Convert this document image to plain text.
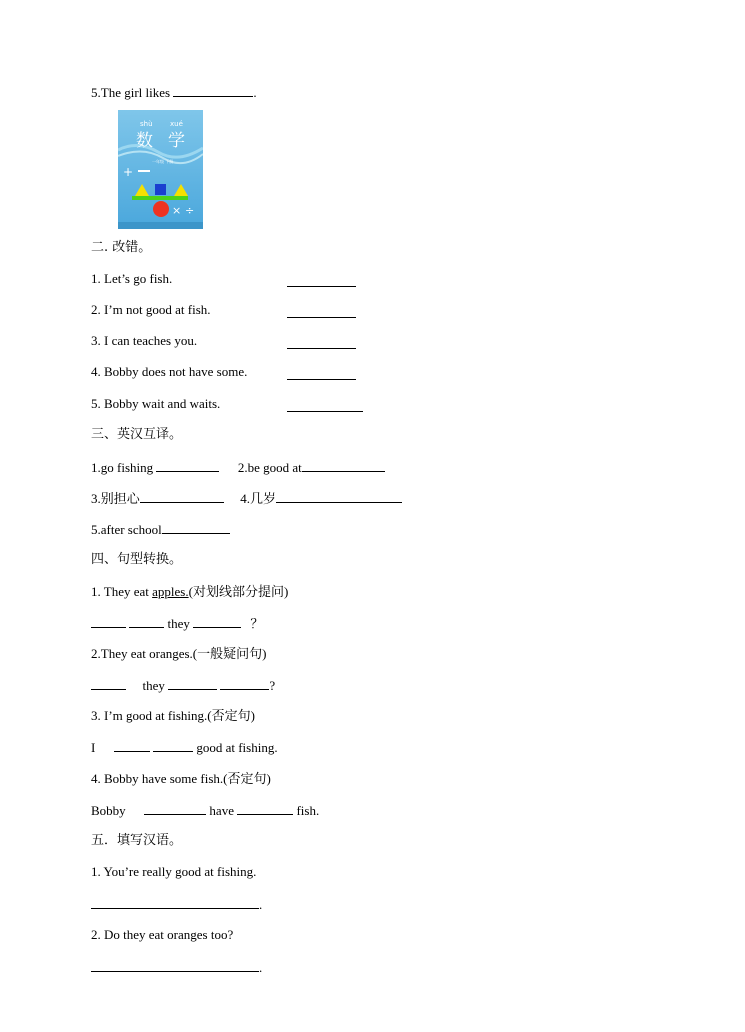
5.The girl likes	.
shù xué
数 学
一年级 下册
+
× ÷
二. 改错。
1. Let’s go fish.
2. I’m not good at fish.
3. I can teaches you.
4. Bobby does not have some.
5. Bobby wait and waits.
三、英汉互译。
1.go fishing	2.be good at
3.别担心	4.几岁
5.after school
四、句型转换。
1. They eat apples.(对划线部分提问)
they	？
2.They eat oranges.(一般疑问句)
they	?
3. I’m good at fishing.(否定句)
I	good at fishing.
4. Bobby have some fish.(否定句)
Bobby	have	fish.
五．填写汉语。
1. You’re really good at fishing.
.
2. Do they eat oranges too?
.
